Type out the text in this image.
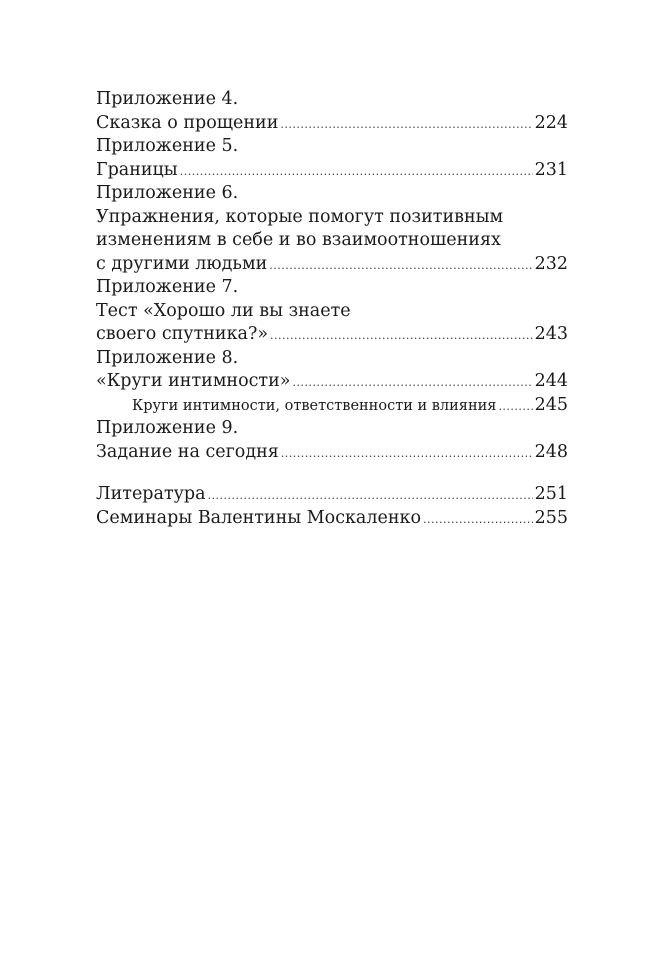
Приложение 4.
Сказка о прощении .....	224
Приложение 5.
Границы .....	231
Приложение 6.
Упражнения, которые помогут позитивным
изменениям в себе и во взаимоотношениях
с другими людьми .....	232
Приложение 7.
Тест «Хорошо ли вы знаете
своего спутника?» .....	243
Приложение 8.
«Круги интимности» .....	244
Круги интимности, ответственности и влияния ..... 245
Приложение 9.
Задание на сегодня .....	248
Литература .....	251
Семинары Валентины Москаленко .....	255
